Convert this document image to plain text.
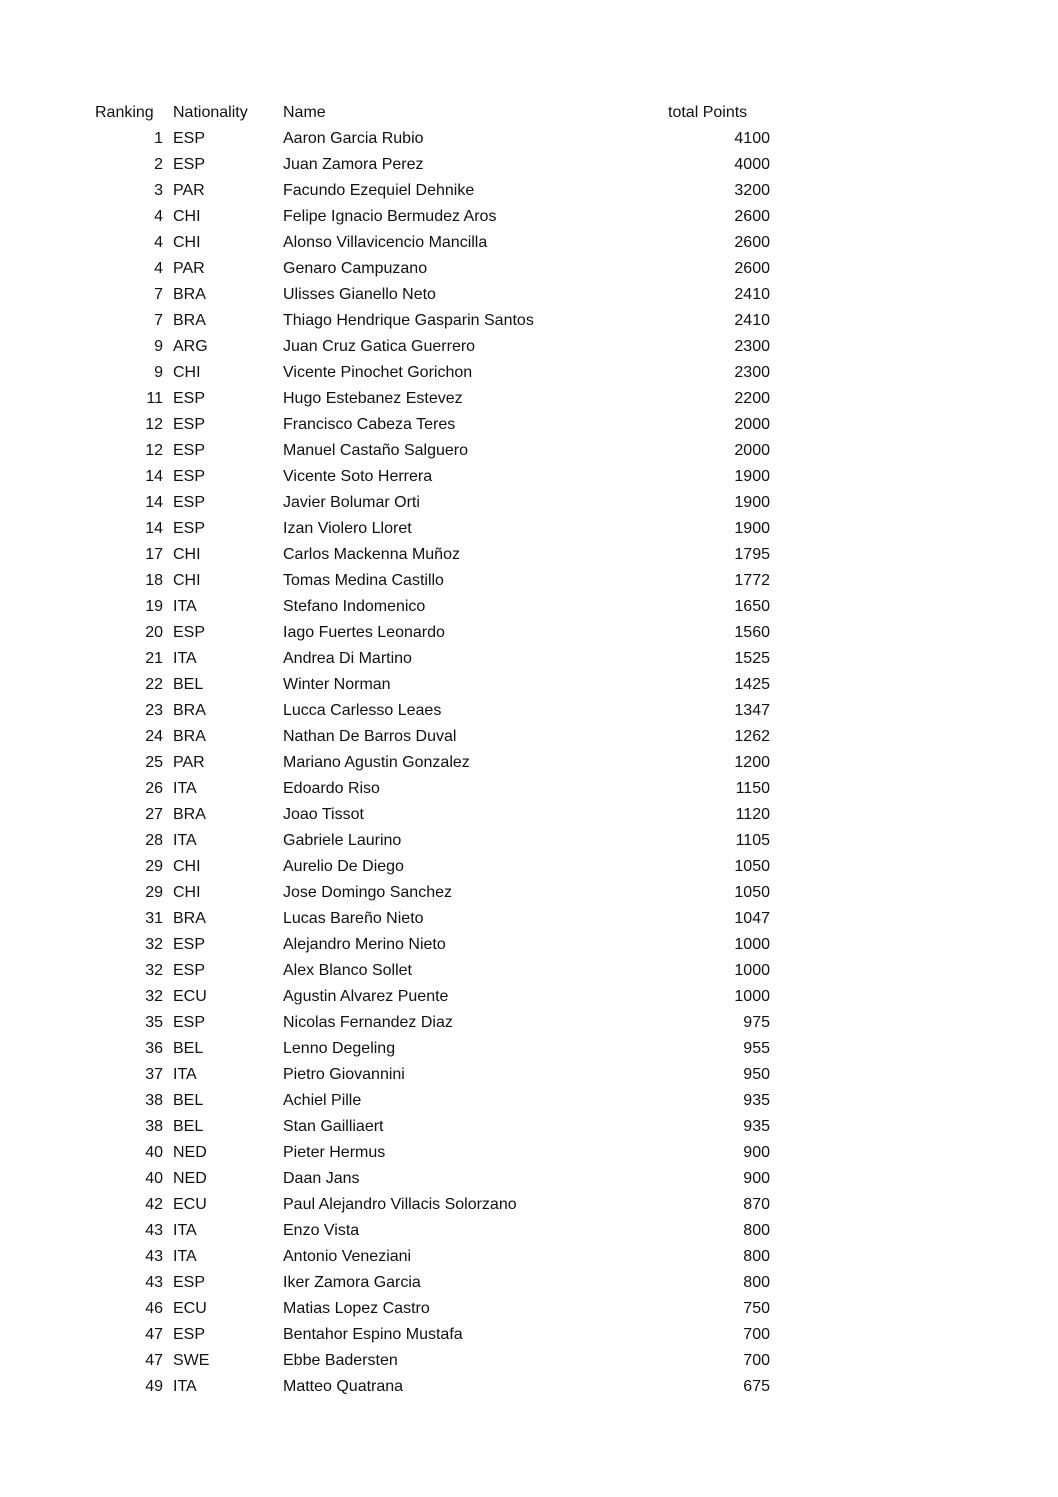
Ranking	Nationality	Name	total Points
1 ESP	Aaron Garcia Rubio	4100
2 ESP	Juan Zamora Perez	4000
3 PAR	Facundo Ezequiel Dehnike	3200
4 CHI	Felipe Ignacio Bermudez Aros	2600
4 CHI	Alonso Villavicencio Mancilla	2600
4 PAR	Genaro Campuzano	2600
7 BRA	Ulisses Gianello Neto	2410
7 BRA	Thiago Hendrique Gasparin Santos	2410
9 ARG	Juan Cruz Gatica Guerrero	2300
9 CHI	Vicente Pinochet Gorichon	2300
11 ESP	Hugo Estebanez Estevez	2200
12 ESP	Francisco Cabeza Teres	2000
12 ESP	Manuel Castaño Salguero	2000
14 ESP	Vicente Soto Herrera	1900
14 ESP	Javier Bolumar Orti	1900
14 ESP	Izan Violero Lloret	1900
17 CHI	Carlos Mackenna Muñoz	1795
18 CHI	Tomas Medina Castillo	1772
19 ITA	Stefano Indomenico	1650
20 ESP	Iago Fuertes Leonardo	1560
21 ITA	Andrea Di Martino	1525
22 BEL	Winter Norman	1425
23 BRA	Lucca Carlesso Leaes	1347
24 BRA	Nathan De Barros Duval	1262
25 PAR	Mariano Agustin Gonzalez	1200
26 ITA	Edoardo Riso	1150
27 BRA	Joao Tissot	1120
28 ITA	Gabriele Laurino	1105
29 CHI	Aurelio De Diego	1050
29 CHI	Jose Domingo Sanchez	1050
31 BRA	Lucas Bareño Nieto	1047
32 ESP	Alejandro Merino Nieto	1000
32 ESP	Alex Blanco Sollet	1000
32 ECU	Agustin Alvarez Puente	1000
35 ESP	Nicolas Fernandez Diaz	975
36 BEL	Lenno Degeling	955
37 ITA	Pietro Giovannini	950
38 BEL	Achiel Pille	935
38 BEL	Stan Gailliaert	935
40 NED	Pieter Hermus	900
40 NED	Daan Jans	900
42 ECU	Paul Alejandro Villacis Solorzano	870
43 ITA	Enzo Vista	800
43 ITA	Antonio Veneziani	800
43 ESP	Iker Zamora Garcia	800
46 ECU	Matias Lopez Castro	750
47 ESP	Bentahor Espino Mustafa	700
47 SWE	Ebbe Badersten	700
49 ITA	Matteo Quatrana	675
